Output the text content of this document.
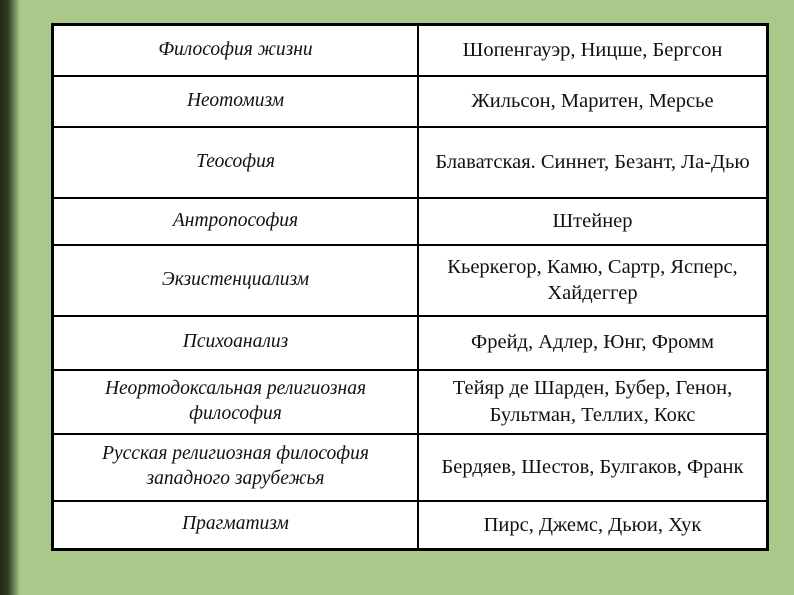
Философия жизни	Шопенгауэр, Ницше, Бергсон
Неотомизм	Жильсон, Маритен, Мерсье
Теософия	Блаватская. Синнет, Безант, Ла-Дью
Антропософия	Штейнер
Экзистенциализм	Кьеркегор, Камю, Сартр, Ясперс, Хайдеггер
Психоанализ	Фрейд, Адлер, Юнг, Фромм
Неортодоксальная религиозная философия	Тейяр де Шарден, Бубер, Генон, Бультман, Теллих, Кокс
Русская религиозная философия западного зарубежья	Бердяев, Шестов, Булгаков, Франк
Прагматизм	Пирс, Джемс, Дьюи, Хук
